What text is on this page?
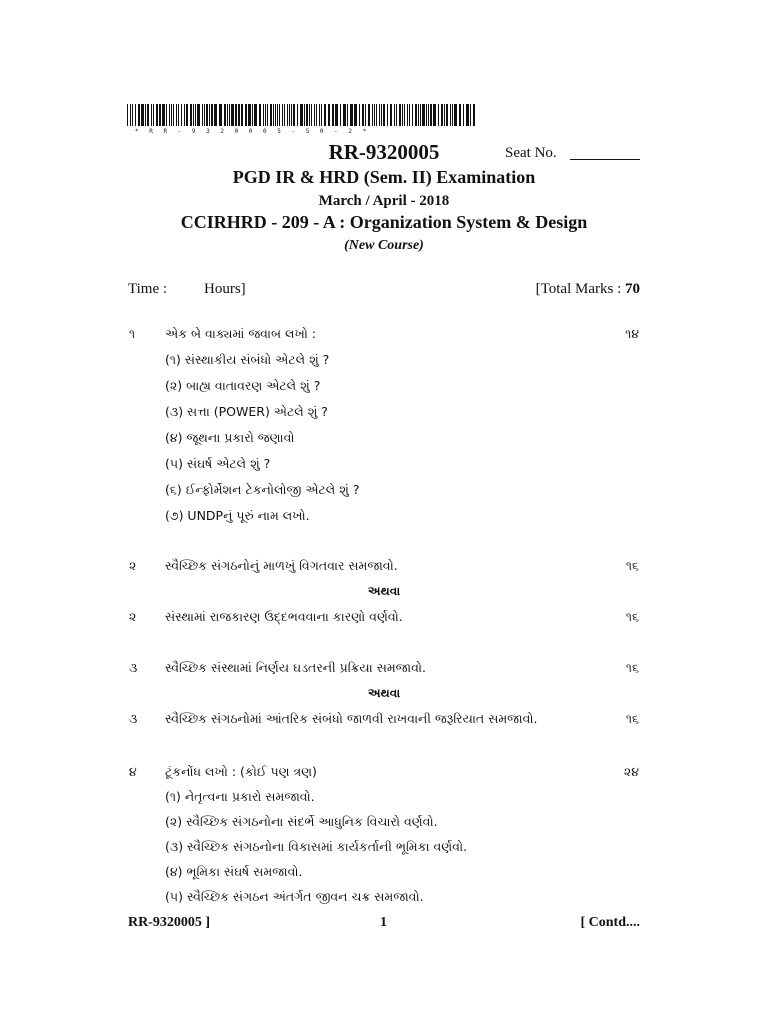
* R R - 9 3 2 0 0 0 5 - 5 0 - 2 *
RR-9320005	Seat No.
PGD IR & HRD (Sem. II) Examination
March / April - 2018
CCIRHRD - 209 - A : Organization System & Design
(New Course)
Time : Hours]	[Total Marks : 70
૧ એક બે વાક્યમાં જવાબ લખો :	૧૪
(૧) સંસ્થાકીય સંબંધો એટલે શું ?
(૨) બાહ્ય વાતાવરણ એટલે શું ?
(૩) સત્તા (POWER) એટલે શું ?
(૪) જૂથના પ્રકારો જણાવો
(૫) સંઘર્ષ એટલે શું ?
(૬) ઈન્ફોર્મેશન ટેકનોલોજી એટલે શું ?
(૭) UNDPનું પૂરું નામ લખો.
૨ સ્વૈચ્છિક સંગઠનોનું માળખું વિગતવાર સમજાવો.	૧૬
અથવા
૨ સંસ્થામાં રાજકારણ ઉદ્દભવવાના કારણો વર્ણવો.	૧૬
૩ સ્વૈચ્છિક સંસ્થામાં નિર્ણય ઘડતરની પ્રક્રિયા સમજાવો.	૧૬
અથવા
૩ સ્વૈચ્છિક સંગઠનોમાં આંતરિક સંબંધો જાળવી રાખવાની જરૂરિયાત સમજાવો.	૧૬
૪ ટૂંકનોંધ લખો : (કોઈ પણ ત્રણ)	૨૪
(૧) નેતૃત્વના પ્રકારો સમજાવો.
(૨) સ્વૈચ્છિક સંગઠનોના સંદર્ભે આધુનિક વિચારો વર્ણવો.
(૩) સ્વૈચ્છિક સંગઠનોના વિકાસમાં કાર્યકર્તાની ભૂમિકા વર્ણવો.
(૪) ભૂમિકા સંઘર્ષ સમજાવો.
(૫) સ્વૈચ્છિક સંગઠન અંતર્ગત જીવન ચક્ર સમજાવો.
RR-9320005 ]	1	[ Contd....
